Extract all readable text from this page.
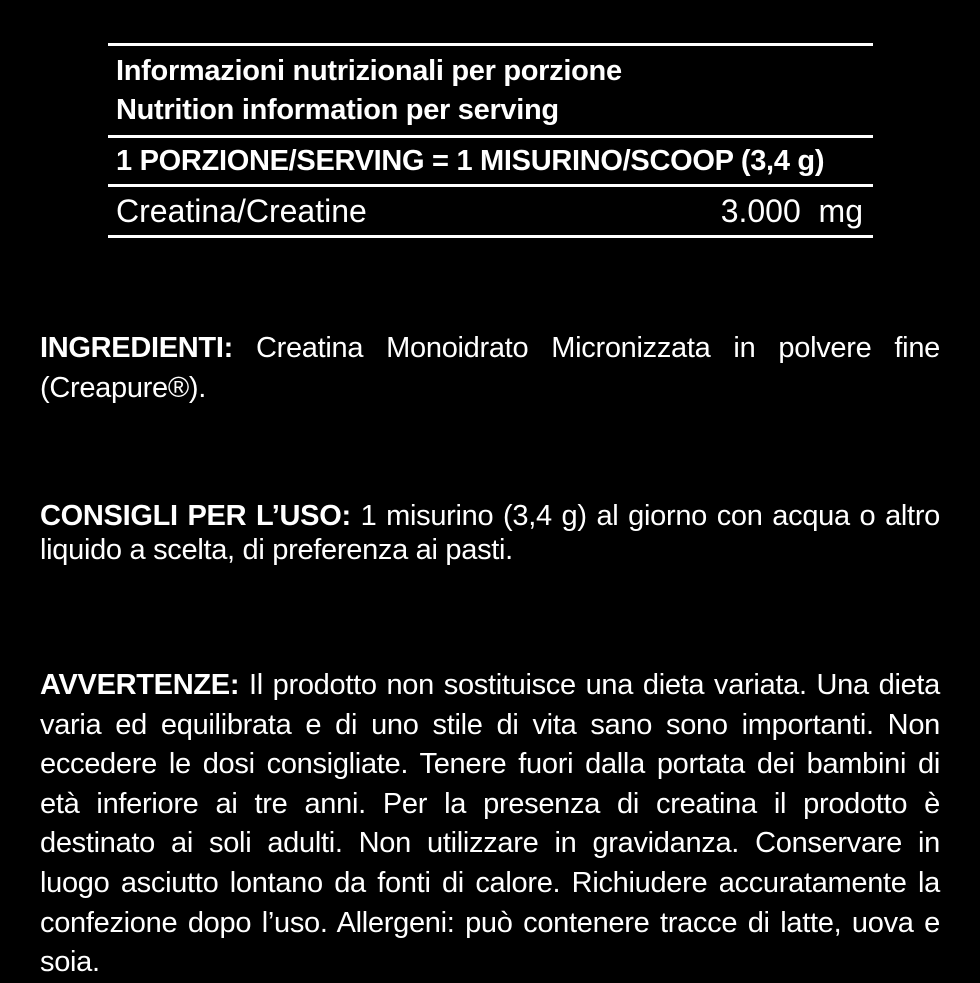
Informazioni nutrizionali per porzione
Nutrition information per serving
1 PORZIONE/SERVING = 1 MISURINO/SCOOP (3,4 g)
Creatina/Creatine	3.000  mg
INGREDIENTI: Creatina Monoidrato Micronizzata in polvere fine (Creapure®).
CONSIGLI PER L’USO: 1 misurino (3,4 g) al giorno con acqua o altro liquido a scelta, di preferenza ai pasti.
AVVERTENZE: Il prodotto non sostituisce una dieta variata. Una dieta varia ed equilibrata e di uno stile di vita sano sono importanti. Non eccedere le dosi consigliate. Tenere fuori dalla portata dei bambini di età inferiore ai tre anni. Per la presenza di creatina il prodotto è destinato ai soli adulti. Non utilizzare in gravidanza. Conservare in luogo asciutto lontano da fonti di calore. Richiudere accuratamente la confezione dopo l’uso. Allergeni: può contenere tracce di latte, uova e soia.
